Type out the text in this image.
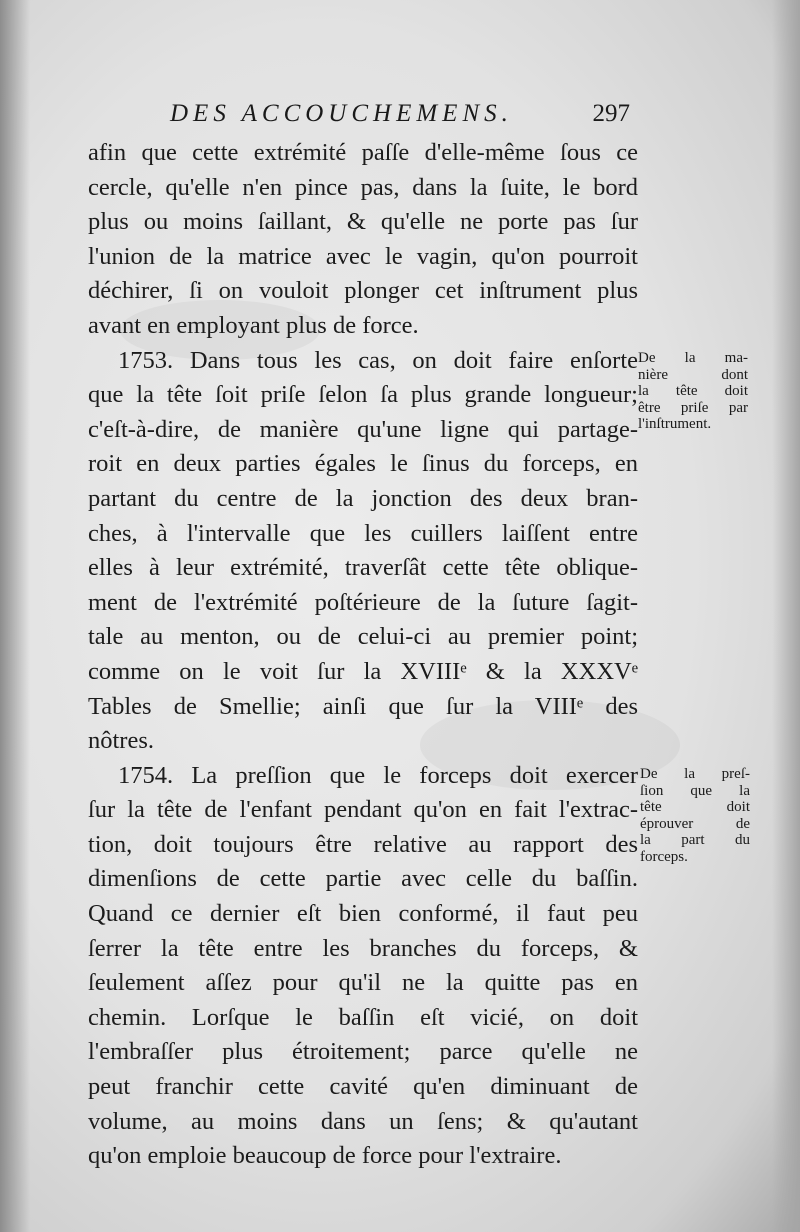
DES ACCOUCHEMENS.	297
afin que cette extrémité paſſe d'elle-même ſous ce
cercle, qu'elle n'en pince pas, dans la ſuite, le bord
plus ou moins ſaillant, & qu'elle ne porte pas ſur
l'union de la matrice avec le vagin, qu'on pourroit
déchirer, ſi on vouloit plonger cet inſtrument plus
avant en employant plus de force.
1753. Dans tous les cas, on doit faire enſorte
que la tête ſoit priſe ſelon ſa plus grande longueur;
c'eſt-à-dire, de manière qu'une ligne qui partage-
roit en deux parties égales le ſinus du forceps, en
partant du centre de la jonction des deux bran-
ches, à l'intervalle que les cuillers laiſſent entre
elles à leur extrémité, traverſât cette tête oblique-
ment de l'extrémité poſtérieure de la ſuture ſagit-
tale au menton, ou de celui-ci au premier point;
comme on le voit ſur la XVIIIᵉ & la XXXVᵉ
Tables de Smellie; ainſi que ſur la VIIIᵉ des
nôtres.
1754. La preſſion que le forceps doit exercer
ſur la tête de l'enfant pendant qu'on en fait l'extrac-
tion, doit toujours être relative au rapport des
dimenſions de cette partie avec celle du baſſin.
Quand ce dernier eſt bien conformé, il faut peu
ſerrer la tête entre les branches du forceps, &
ſeulement aſſez pour qu'il ne la quitte pas en
chemin. Lorſque le baſſin eſt vicié, on doit
l'embraſſer plus étroitement; parce qu'elle ne
peut franchir cette cavité qu'en diminuant de
volume, au moins dans un ſens; & qu'autant
qu'on emploie beaucoup de force pour l'extraire.
De la ma-
nière dont
la tête doit
être priſe par
l'inſtrument.
De la preſ-
ſion que la
tête doit
éprouver de
la part du
forceps.
